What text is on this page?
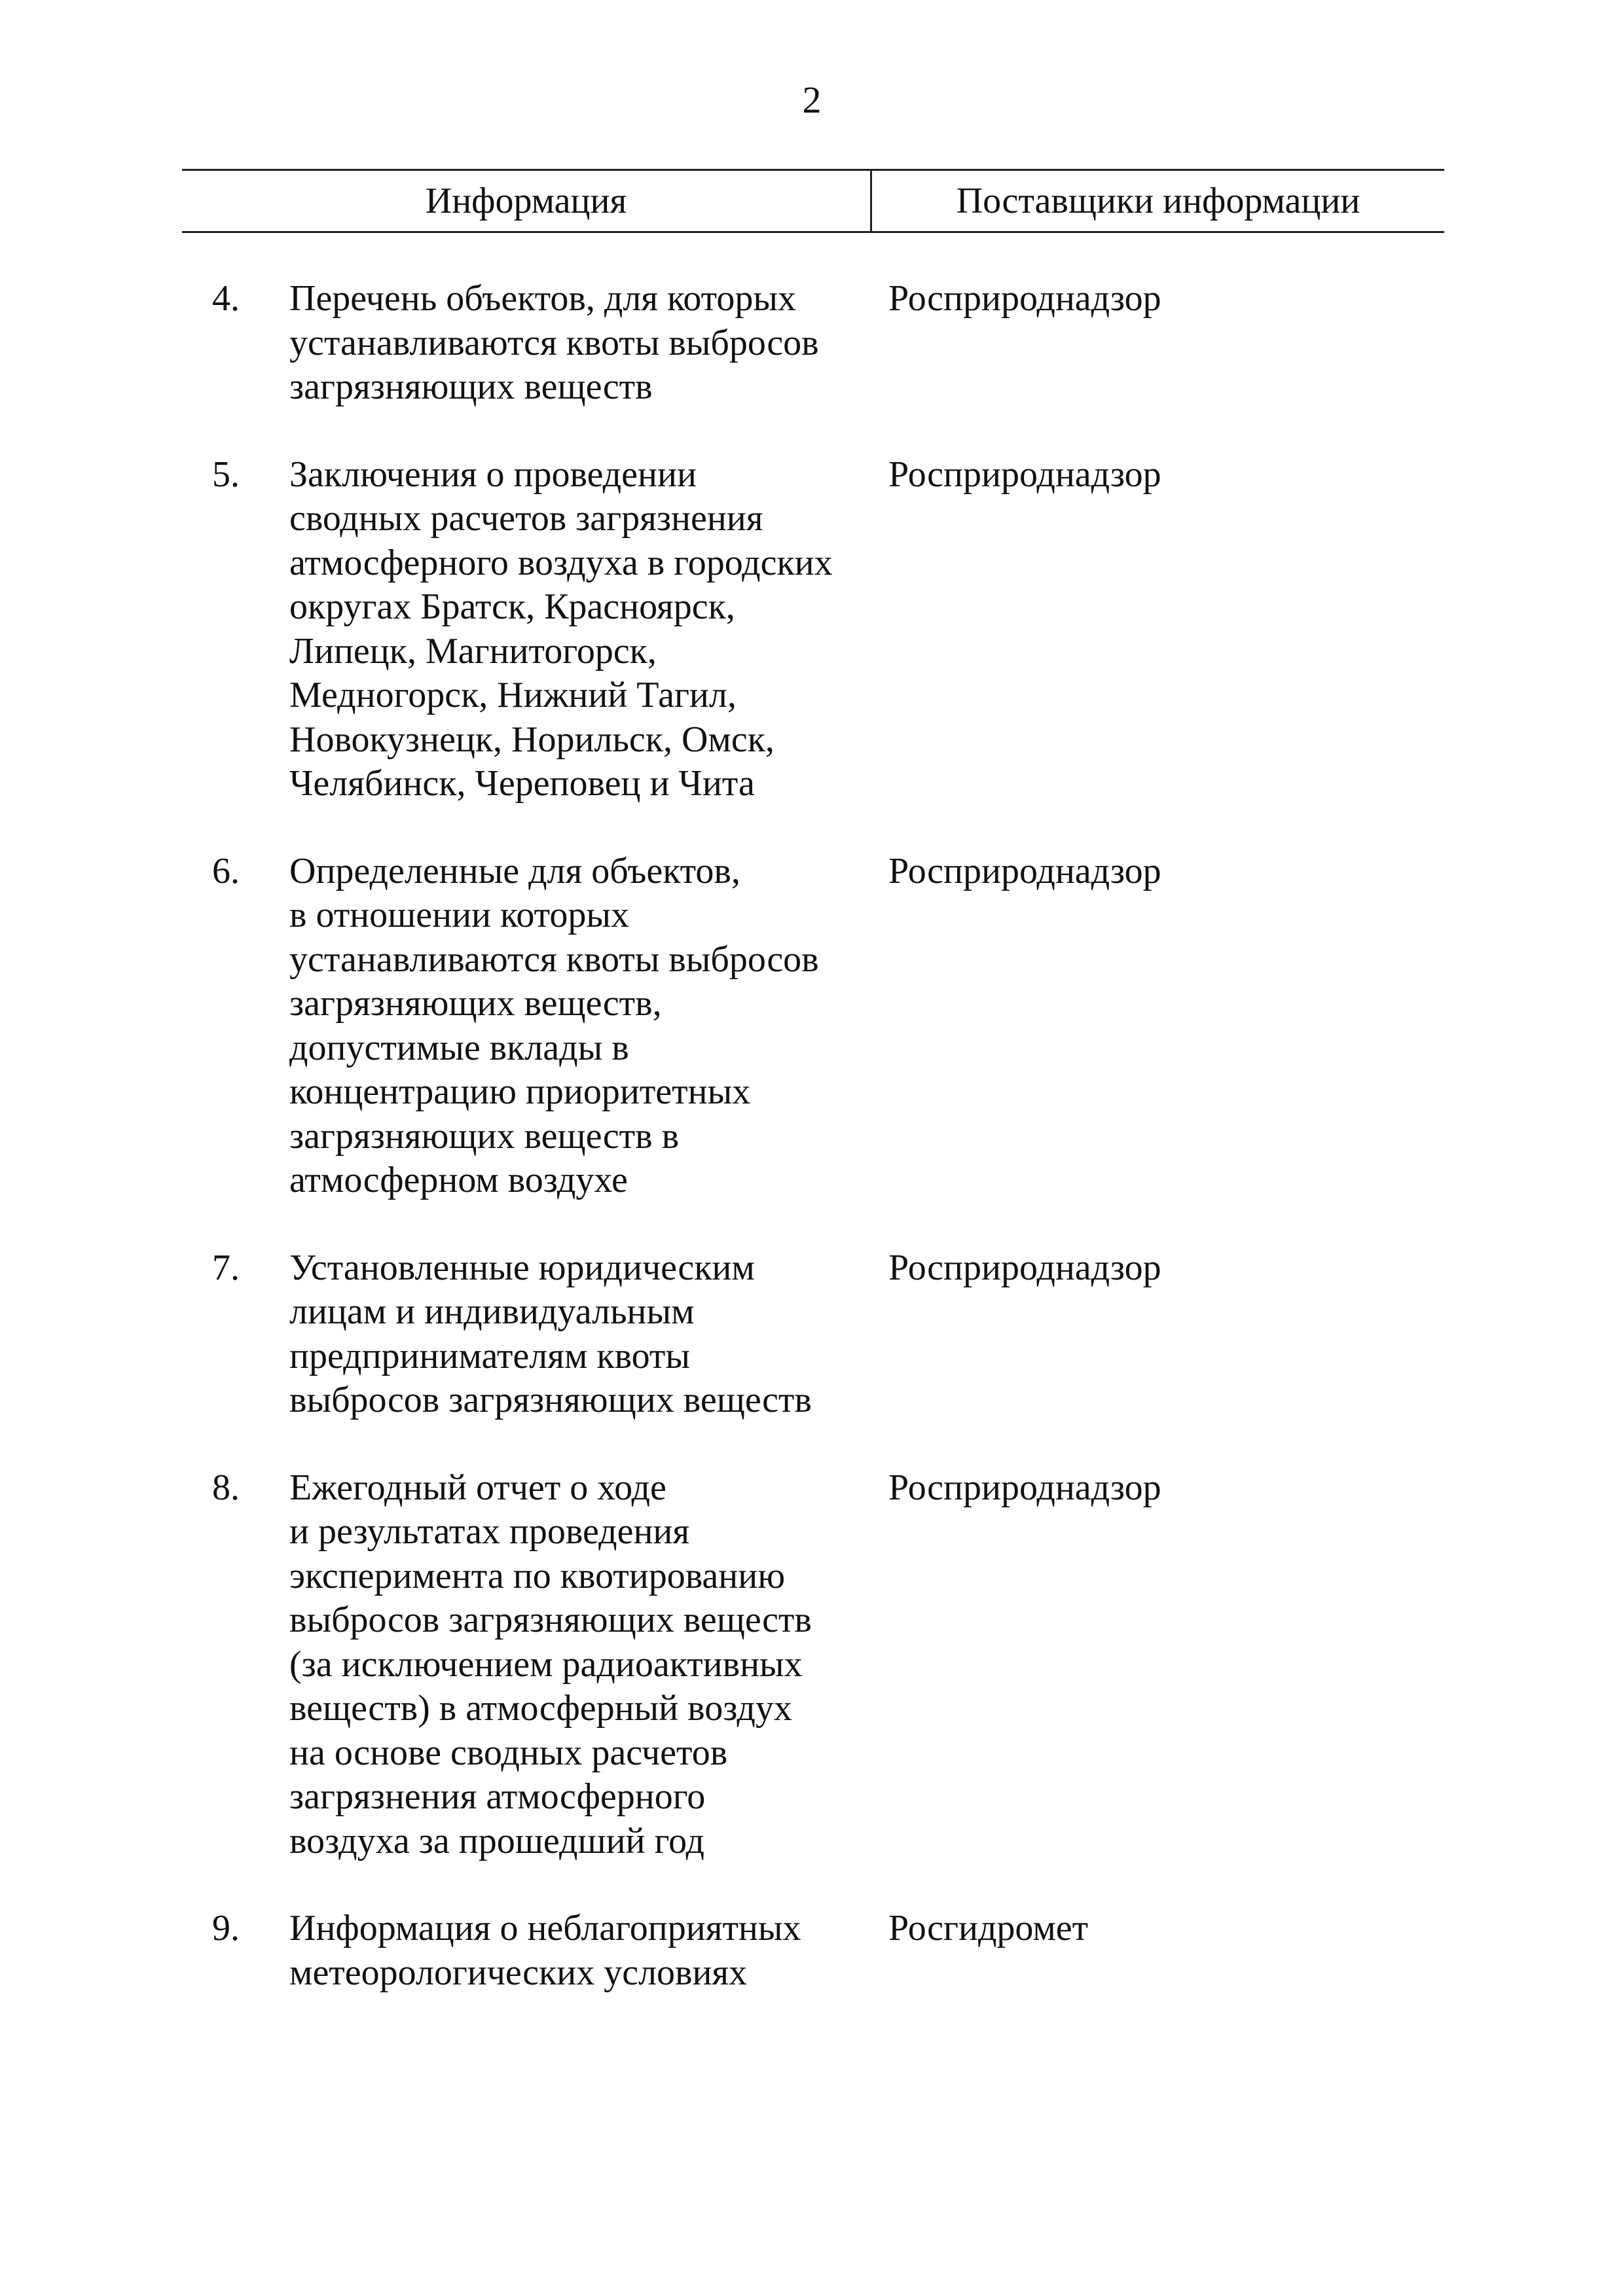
2
Информация	Поставщики информации
4.	Перечень объектов, для которых
устанавливаются квоты выбросов
загрязняющих веществ
Росприроднадзор
5.	Заключения о проведении
сводных расчетов загрязнения
атмосферного воздуха в городских
округах Братск, Красноярск,
Липецк, Магнитогорск,
Медногорск, Нижний Тагил,
Новокузнецк, Норильск, Омск,
Челябинск, Череповец и Чита
Росприроднадзор
6.	Определенные для объектов,
в отношении которых
устанавливаются квоты выбросов
загрязняющих веществ,
допустимые вклады в
концентрацию приоритетных
загрязняющих веществ в
атмосферном воздухе
Росприроднадзор
7.	Установленные юридическим
лицам и индивидуальным
предпринимателям квоты
выбросов загрязняющих веществ
Росприроднадзор
8.	Ежегодный отчет о ходе
и результатах проведения
эксперимента по квотированию
выбросов загрязняющих веществ
(за исключением радиоактивных
веществ) в атмосферный воздух
на основе сводных расчетов
загрязнения атмосферного
воздуха за прошедший год
Росприроднадзор
9.	Информация о неблагоприятных
метеорологических условиях
Росгидромет
